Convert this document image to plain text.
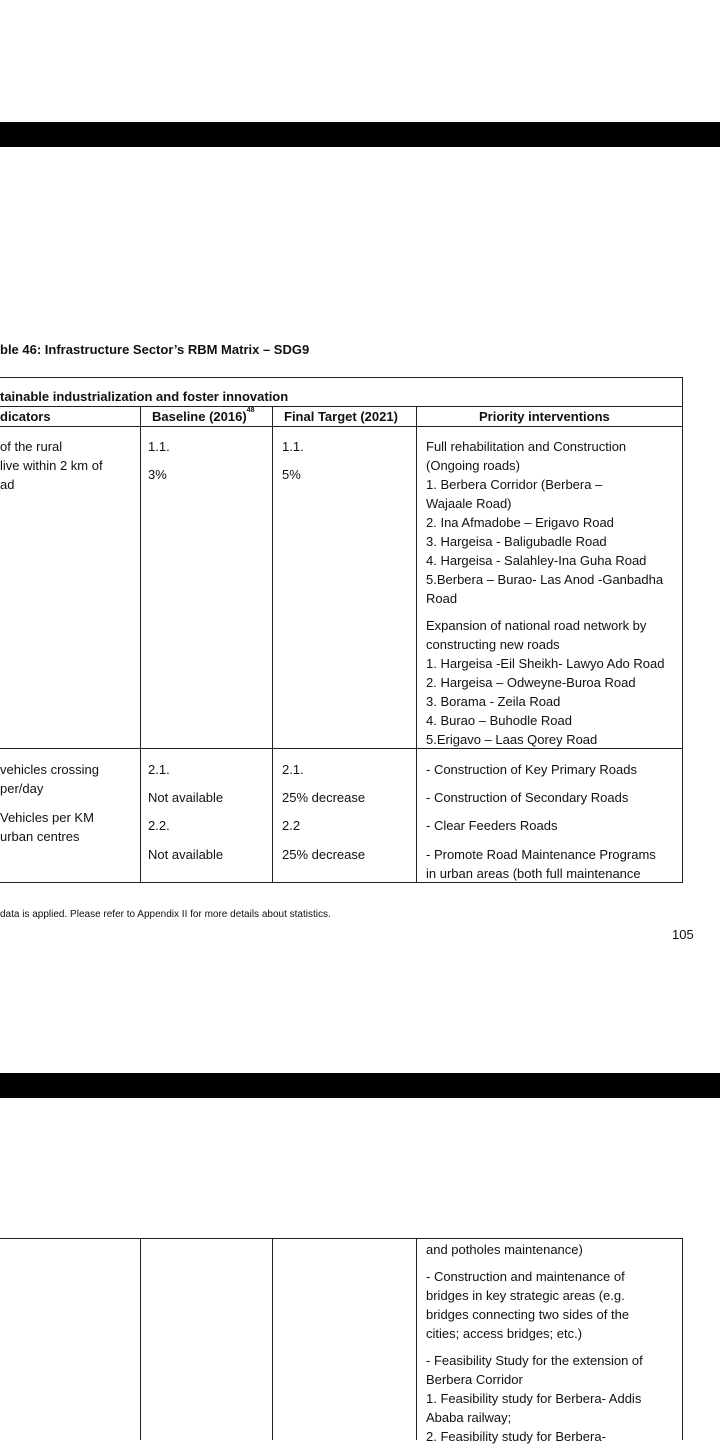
ble 46: Infrastructure Sector’s RBM Matrix – SDG9
tainable industrialization and foster innovation
dicators	Baseline $(2016)^{48}$ Final Target (2021)	Priority interventions
of the rural
live within 2 km of
ad
1.1.
3%
1.1.
5%
Full rehabilitation and Construction
(Ongoing roads)
1. Berbera Corridor (Berbera –
Wajaale Road)
2. Ina Afmadobe – Erigavo Road
3. Hargeisa - Baligubadle Road
4. Hargeisa - Salahley-Ina Guha Road
5.Berbera – Burao- Las Anod -Ganbadha
Road
Expansion of national road network by
constructing new roads
1. Hargeisa -Eil Sheikh- Lawyo Ado Road
2. Hargeisa – Odweyne-Buroa Road
3. Borama - Zeila Road
4. Burao – Buhodle Road
5.Erigavo – Laas Qorey Road
vehicles crossing
per/day
Vehicles per KM
urban centres
2.1.
Not available
2.2.
Not available
2.1.
25% decrease
2.2
25% decrease
- Construction of Key Primary Roads
- Construction of Secondary Roads
- Clear Feeders Roads
- Promote Road Maintenance Programs
in urban areas (both full maintenance
data is applied. Please refer to Appendix II for more details about statistics.
105
and potholes maintenance)
- Construction and maintenance of
bridges in key strategic areas (e.g.
bridges connecting two sides of the
cities; access bridges; etc.)
- Feasibility Study for the extension of
Berbera Corridor
1. Feasibility study for Berbera- Addis
Ababa railway;
2. Feasibility study for Berbera-
